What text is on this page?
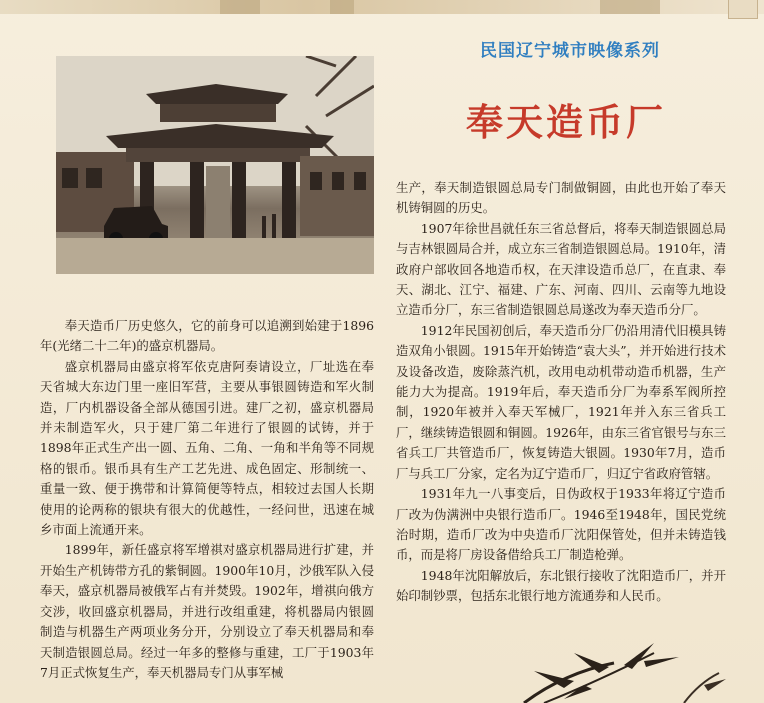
民国辽宁城市映像系列
奉天造币厂

奉天造币厂历史悠久，它的前身可以追溯到始建于1896年(光绪二十二年)的盛京机器局。

盛京机器局由盛京将军依克唐阿奏请设立，厂址选在奉天省城大东边门里一座旧军营，主要从事银圆铸造和军火制造，厂内机器设备全部从德国引进。建厂之初，盛京机器局并未制造军火，只于建厂第二年进行了银圆的试铸，并于1898年正式生产出一圆、五角、二角、一角和半角等不同规格的银币。银币具有生产工艺先进、成色固定、形制统一、重量一致、便于携带和计算简便等特点，相较过去国人长期使用的论两称的银块有很大的优越性，一经问世，迅速在城乡市面上流通开来。

1899年，新任盛京将军增祺对盛京机器局进行扩建，并开始生产机铸带方孔的紫铜圆。1900年10月，沙俄军队入侵奉天，盛京机器局被俄军占有并焚毁。1902年，增祺向俄方交涉，收回盛京机器局，并进行改组重建，将机器局内银圆制造与机器生产两项业务分开，分别设立了奉天机器局和奉天制造银圆总局。经过一年多的整修与重建，工厂于1903年7月正式恢复生产，奉天机器局专门从事军械

生产，奉天制造银圆总局专门制做铜圆，由此也开始了奉天机铸铜圆的历史。

1907年徐世昌就任东三省总督后，将奉天制造银圆总局与吉林银圆局合并，成立东三省制造银圆总局。1910年，清政府户部收回各地造币权，在天津设造币总厂，在直隶、奉天、湖北、江宁、福建、广东、河南、四川、云南等九地设立造币分厂，东三省制造银圆总局遂改为奉天造币分厂。

1912年民国初创后，奉天造币分厂仍沿用清代旧模具铸造双角小银圆。1915年开始铸造“袁大头”，并开始进行技术及设备改造，废除蒸汽机，改用电动机带动造币机器，生产能力大为提高。1919年后，奉天造币分厂为奉系军阀所控制，1920年被并入奉天军械厂，1921年并入东三省兵工厂，继续铸造银圆和铜圆。1926年，由东三省官银号与东三省兵工厂共管造币厂，恢复铸造大银圆。1930年7月，造币厂与兵工厂分家，定名为辽宁造币厂，归辽宁省政府管辖。

1931年九一八事变后，日伪政权于1933年将辽宁造币厂改为伪满洲中央银行造币厂。1946至1948年，国民党统治时期，造币厂改为中央造币厂沈阳保管处，但并未铸造钱币，而是将厂房设备借给兵工厂制造枪弹。

1948年沈阳解放后，东北银行接收了沈阳造币厂，并开始印制钞票，包括东北银行地方流通券和人民币。
